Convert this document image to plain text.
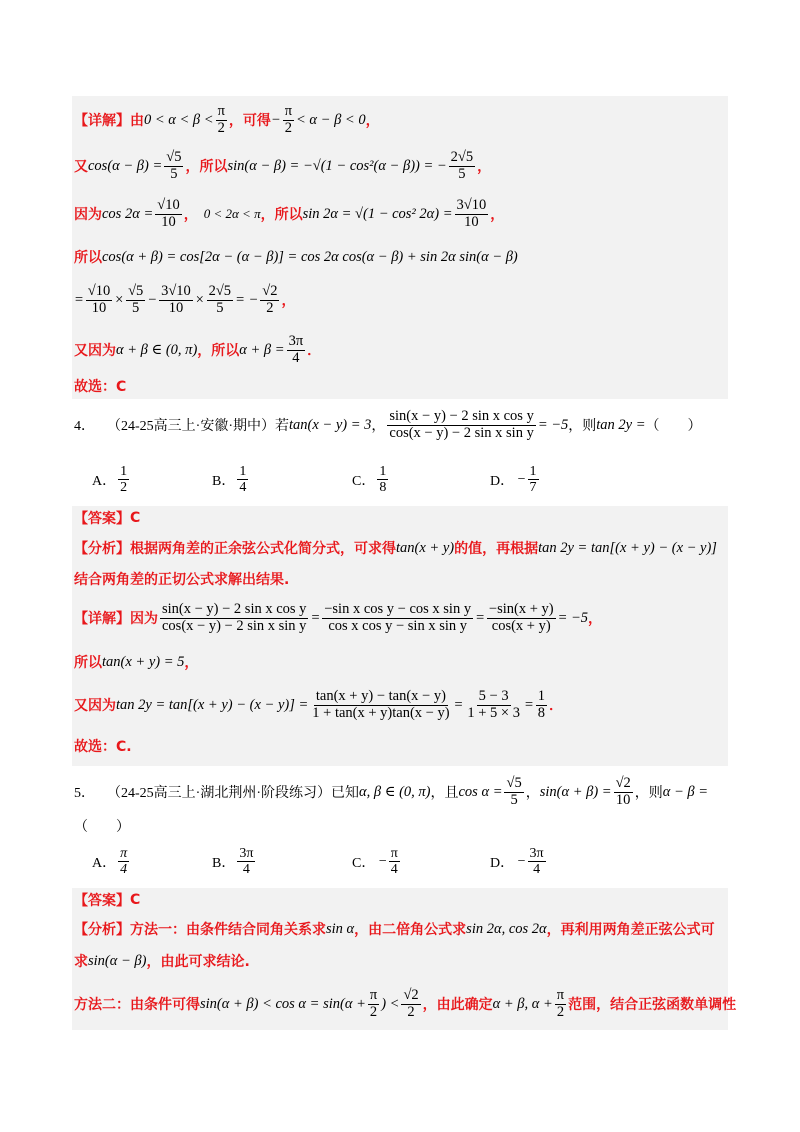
【详解】 由 $0 < \alpha < \beta < \frac{\pi}{2}$ ，可得 − $\frac{\pi}{2} < \alpha - \beta < 0$ ，
又 $\cos(\alpha - \beta) = \frac{√5}{5}$ ，所以 sin(α − β) = −√(1 − cos²(α − β)) = − $\frac{2√5}{5}$ ，
因为 $\cos 2\alpha = \frac{√10}{10}$ ， 0 < 2α < π ，所以 sin 2α = √(1 − cos² $2\alpha) = \frac{3√10}{10}$ ，
所以 cos(α + β) = cos[2α − (α − β)] = cos 2α cos(α − β) + sin 2α sin(α − β)
= $\frac{√10}{10} \times \frac{√5}{5} - \frac{3√10}{10} \times \frac{2√5}{5}$ = − $\frac{√2}{2}$ ，
又因为 α + β ∈ (0, π) ，所以 $\alpha + \beta = \frac{3\pi}{4}$ ．
故选：C
4． （24-25高三上·安徽·期中）若 tan(x − y) = 3 ， $\frac{\text{sin(x − y) − 2 sin x cos y}}{\text{cos(x − y) − 2 sin x sin y}} = -5$ ，则 tan 2y = （　　）
A． $\frac{1}{2}$	B． $\frac{1}{4}$	C． $\frac{1}{8}$	D． − $\frac{1}{7}$
【答案】 C
【分析】 根据两角差的正余弦公式化简分式，可求得 tan(x + y) 的值，再根据 tan 2y = tan[(x + y) − (x − y)]
结合两角差的正切公式求解出结果.
【详解】 因为 $\frac{\text{sin(x − y) − 2 sin x cos y}}{\text{cos(x − y) − 2 sin x sin y}} = \frac{\text{−sin x cos y − cos x sin y}}{\text{cos x cos y − sin x sin y}} = \frac{-\sin(x + y)}{\cos(x + y)} = -5$ ，
所以 tan(x + y) = 5 ，
又因为 $\tan 2y = \tan[(x + y) - (x - y)] = \frac{\tan(x + y) - \tan(x - y)}{1 + \tan(x + y)\tan(x - y)} = \frac{5 - 3}{1 + 5 \times 3} = \frac{1}{8}$ ．
故选：C.
5． （24-25高三上·湖北荆州·阶段练习）已知 α, β ∈ (0, π) ，且 $\cos \alpha = \frac{√5}{5}$ ， $\sin(\alpha + \beta) = \frac{√2}{10}$ ，则 α − β =
（　　）
A． $\frac{\pi}{4}$	B． $\frac{3\pi}{4}$	C． − $\frac{\pi}{4}$	D． − $\frac{3\pi}{4}$
【答案】 C
【分析】 方法一：由条件结合同角关系求 sin α ，由二倍角公式求 sin 2α, cos 2α ，再利用两角差正弦公式可
求 sin(α − β) ，由此可求结论.
方法二：由条件可得 $\sin(\alpha + \beta) < \cos \alpha = \sin(\alpha + \frac{\pi}{2}$ ) < $\frac{√2}{2}$ ，由此确定 α + β, $\alpha + \frac{\pi}{2}$ 范围，结合正弦函数单调性
